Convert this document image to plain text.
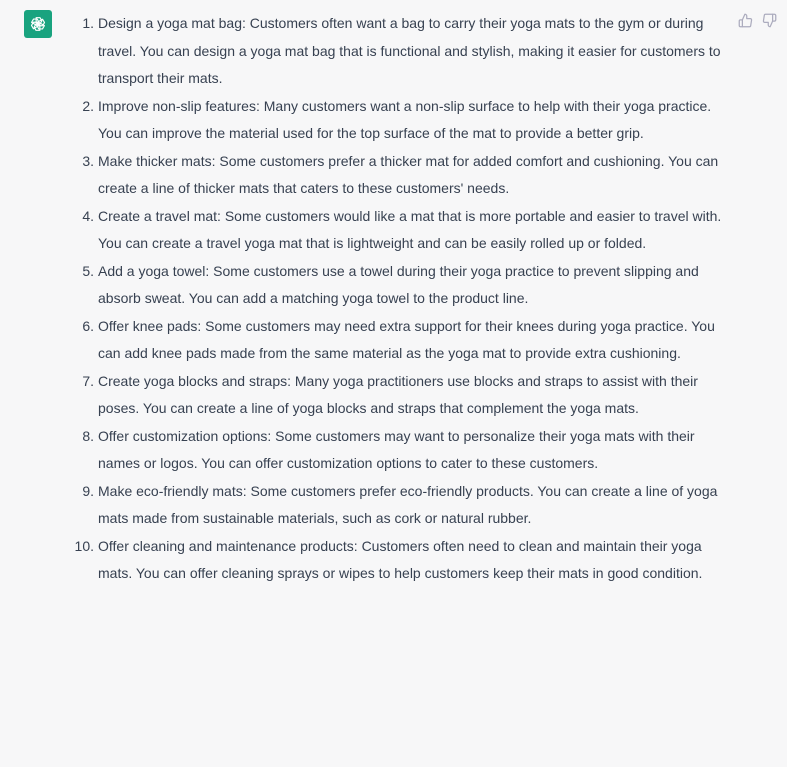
1. Design a yoga mat bag: Customers often want a bag to carry their yoga mats to the gym or during travel. You can design a yoga mat bag that is functional and stylish, making it easier for customers to transport their mats.
2. Improve non-slip features: Many customers want a non-slip surface to help with their yoga practice. You can improve the material used for the top surface of the mat to provide a better grip.
3. Make thicker mats: Some customers prefer a thicker mat for added comfort and cushioning. You can create a line of thicker mats that caters to these customers' needs.
4. Create a travel mat: Some customers would like a mat that is more portable and easier to travel with. You can create a travel yoga mat that is lightweight and can be easily rolled up or folded.
5. Add a yoga towel: Some customers use a towel during their yoga practice to prevent slipping and absorb sweat. You can add a matching yoga towel to the product line.
6. Offer knee pads: Some customers may need extra support for their knees during yoga practice. You can add knee pads made from the same material as the yoga mat to provide extra cushioning.
7. Create yoga blocks and straps: Many yoga practitioners use blocks and straps to assist with their poses. You can create a line of yoga blocks and straps that complement the yoga mats.
8. Offer customization options: Some customers may want to personalize their yoga mats with their names or logos. You can offer customization options to cater to these customers.
9. Make eco-friendly mats: Some customers prefer eco-friendly products. You can create a line of yoga mats made from sustainable materials, such as cork or natural rubber.
10. Offer cleaning and maintenance products: Customers often need to clean and maintain their yoga mats. You can offer cleaning sprays or wipes to help customers keep their mats in good condition.
